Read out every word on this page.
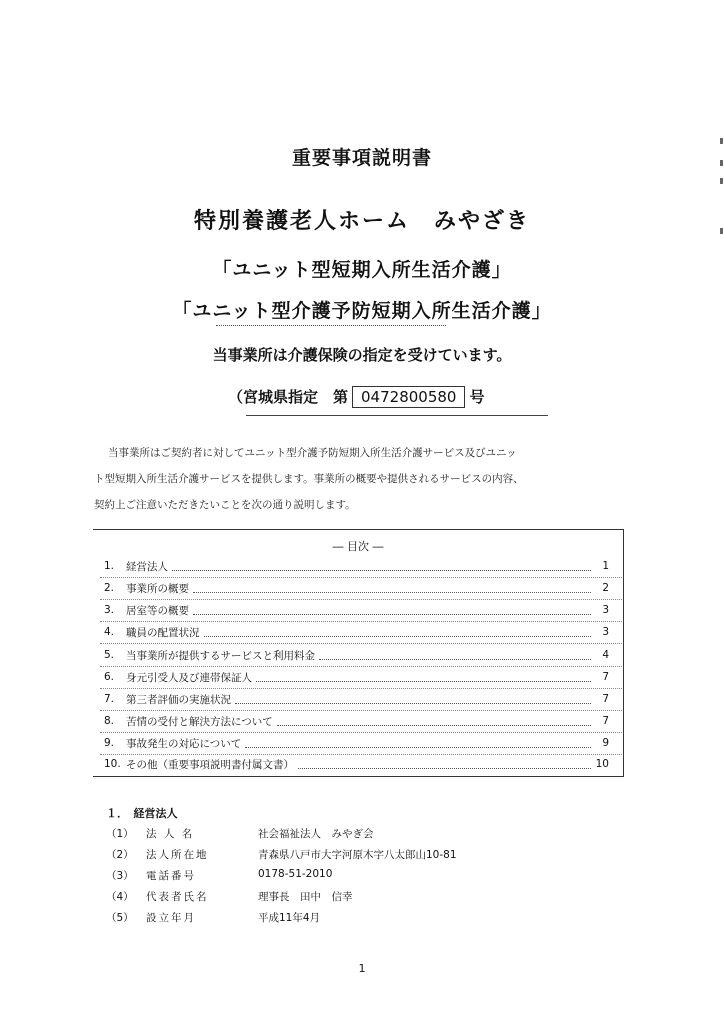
重要事項説明書
特別養護老人ホーム　みやざき
「ユニット型短期入所生活介護」
「ユニット型介護予防短期入所生活介護」
当事業所は介護保険の指定を受けています。
（宮城県指定　第 0472800580 号
当事業所はご契約者に対してユニット型介護予防短期入所生活介護サービス及びユニッ
ト型短期入所生活介護サービスを提供します。事業所の概要や提供されるサービスの内容、
契約上ご注意いただきたいことを次の通り説明します。
― 目次 ―
1.	経営法人	1
2.	事業所の概要	2
3.	居室等の概要	3
4.	職員の配置状況	3
5.	当事業所が提供するサービスと利用料金	4
6.	身元引受人及び連帯保証人	7
7.	第三者評価の実施状況	7
8.	苦情の受付と解決方法について	7
9.	事故発生の対応について	9
10. その他（重要事項説明書付属文書）	10
１．　経営法人
（1）	法 人 名	社会福祉法人　みやぎ会
（2）	法人所在地	青森県八戸市大字河原木字八太郎山10-81
（3）	電話番号	0178-51-2010
（4）	代表者氏名	理事長　田中　信幸
（5）	設立年月	平成11年4月
1
